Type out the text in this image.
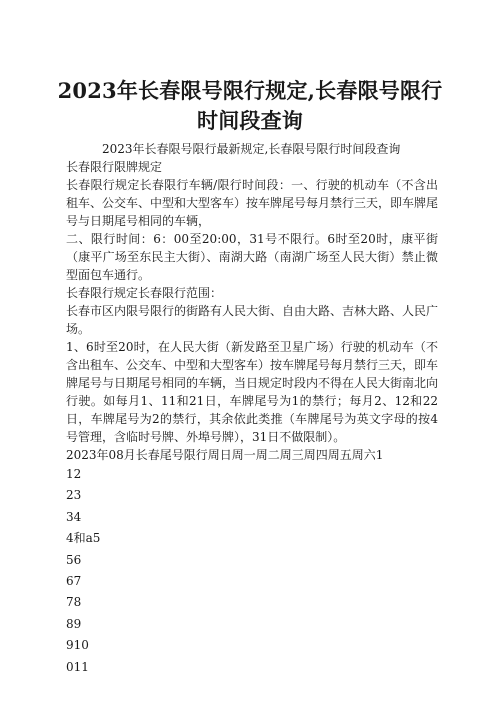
2023年长春限号限行规定,长春限号限行时间段查询

2023年长春限号限行最新规定,长春限号限行时间段查询

长春限行限牌规定

长春限行规定长春限行车辆/限行时间段：一、行驶的机动车（不含出租车、公交车、中型和大型客车）按车牌尾号每月禁行三天，即车牌尾号与日期尾号相同的车辆，

二、限行时间：6：00至20:00，31号不限行。6时至20时，康平街（康平广场至东民主大街）、南湖大路（南湖广场至人民大街）禁止微型面包车通行。

长春限行规定长春限行范围：

长春市区内限号限行的街路有人民大街、自由大路、吉林大路、人民广场。

1、6时至20时，在人民大街（新发路至卫星广场）行驶的机动车（不含出租车、公交车、中型和大型客车）按车牌尾号每月禁行三天，即车牌尾号与日期尾号相同的车辆，当日规定时段内不得在人民大街南北向行驶。如每月1、11和21日，车牌尾号为1的禁行；每月2、12和22日，车牌尾号为2的禁行，其余依此类推（车牌尾号为英文字母的按4号管理，含临时号牌、外埠号牌），31日不做限制）。

2023年08月长春尾号限行周日周一周二周三周四周五周六1

12

23

34

4和a5

56

67

78

89

910

011
